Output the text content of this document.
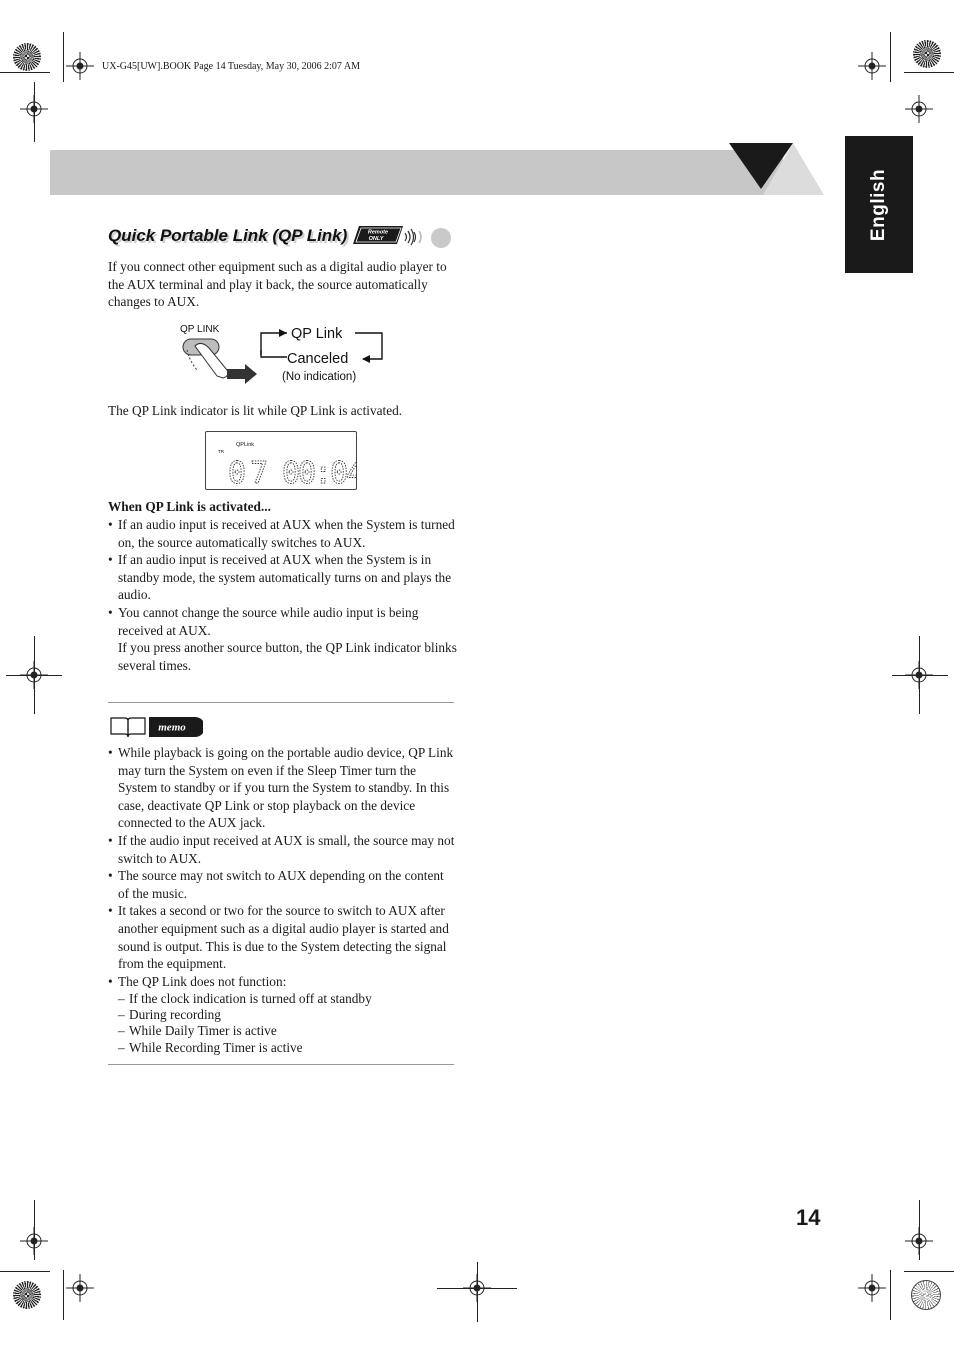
UX-G45[UW].BOOK Page 14 Tuesday, May 30, 2006 2:07 AM
English
Quick Portable Link (QP Link)	Remote
ONLY
If you connect other equipment such as a digital audio player to the AUX terminal and play it back, the source automatically changes to AUX.
QP LINK	QP Link
Canceled
(No indication)
The QP Link indicator is lit while QP Link is activated.
QPLink
TR
07 00:04
When QP Link is activated...
• If an audio input is received at AUX when the System is turned on, the source automatically switches to AUX.
• If an audio input is received at AUX when the System is in standby mode, the system automatically turns on and plays the audio.
• You cannot change the source while audio input is being received at AUX.
If you press another source button, the QP Link indicator blinks several times.
memo
• While playback is going on the portable audio device, QP Link may turn the System on even if the Sleep Timer turn the System to standby or if you turn the System to standby. In this case, deactivate QP Link or stop playback on the device connected to the AUX jack.
• If the audio input received at AUX is small, the source may not switch to AUX.
• The source may not switch to AUX depending on the content of the music.
• It takes a second or two for the source to switch to AUX after another equipment such as a digital audio player is started and sound is output. This is due to the System detecting the signal from the equipment.
• The QP Link does not function:
– If the clock indication is turned off at standby
– During recording
– While Daily Timer is active
– While Recording Timer is active
14
